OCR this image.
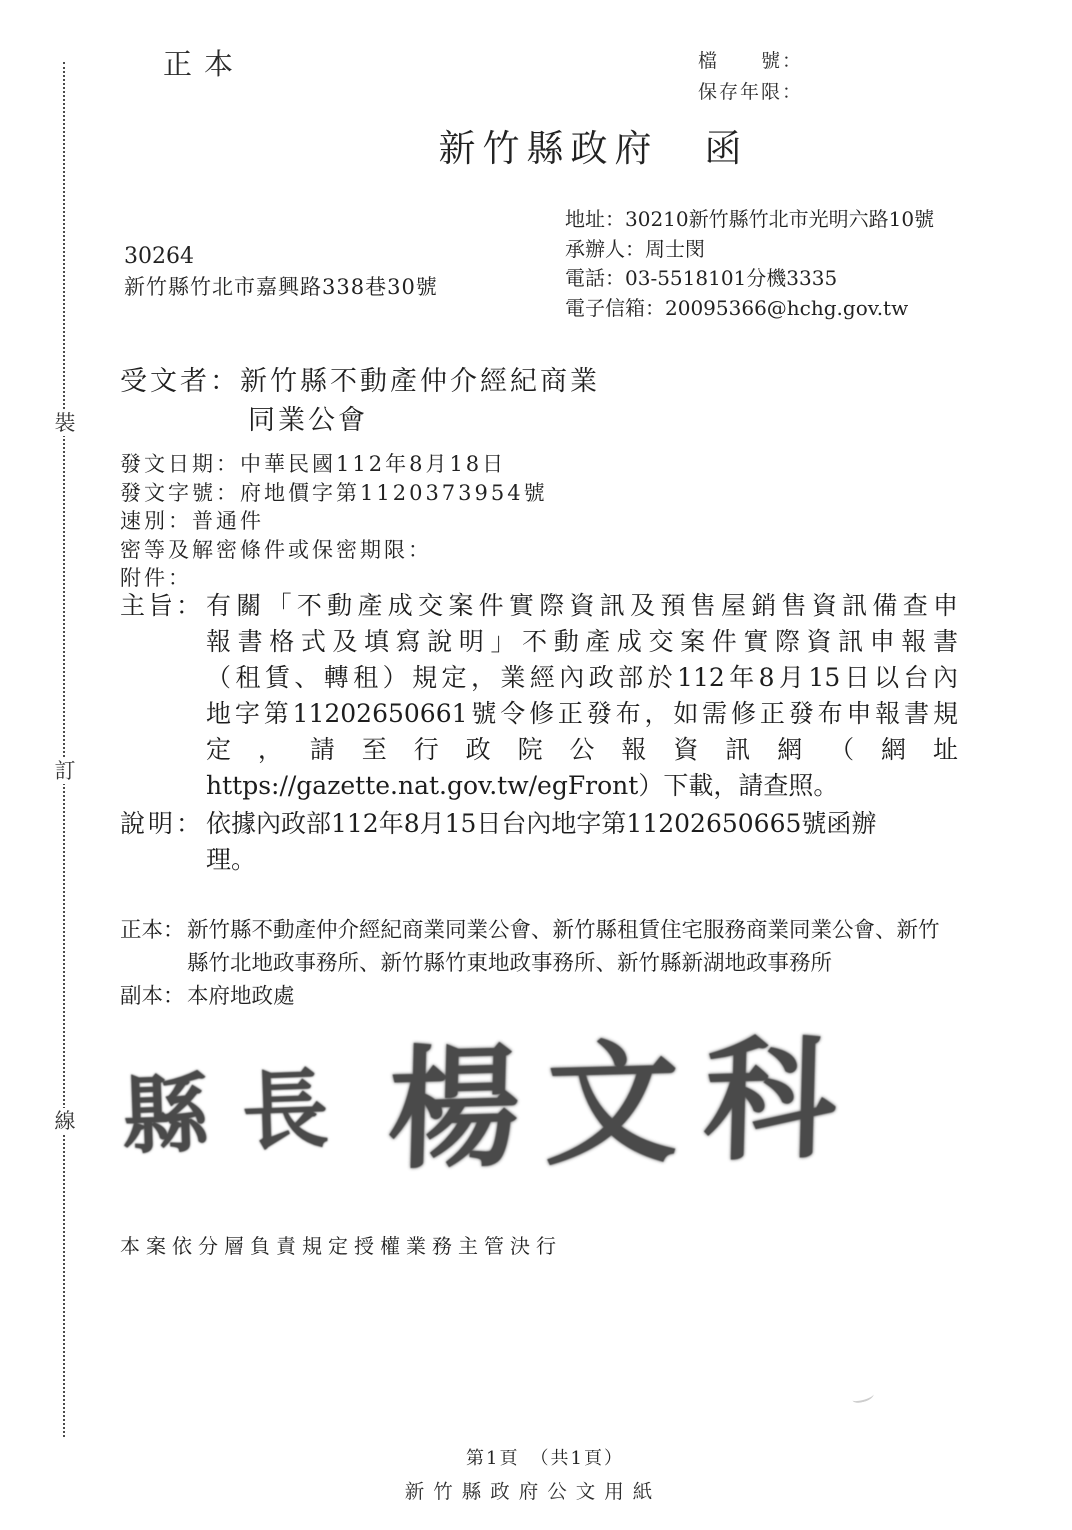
裝
訂
線
正本	檔　　號：
保存年限：
新竹縣政府 函
地址：30210新竹縣竹北市光明六路10號
承辦人：周士閔
電話：03-5518101分機3335
電子信箱：20095366@hchg.gov.tw
30264
新竹縣竹北市嘉興路338巷30號
受文者：新竹縣不動產仲介經紀商業
同業公會
發文日期：中華民國112年8月18日
發文字號：府地價字第1120373954號
速別：普通件
密等及解密條件或保密期限：
附件：
主旨： 有關「不動產成交案件實際資訊及預售屋銷售資訊備查申
報書格式及填寫說明」不動產成交案件實際資訊申報書
（租賃、轉租）規定，業經內政部於112年8月15日以台內
地字第11202650661號令修正發布，如需修正發布申報書規
定，請至行政院公報資訊網（網址
https://gazette.nat.gov.tw/egFront）下載，請查照。
說明： 依據內政部112年8月15日台內地字第11202650665號函辦
理。
正本： 新竹縣不動產仲介經紀商業同業公會、新竹縣租賃住宅服務商業同業公會、新竹
縣竹北地政事務所、新竹縣竹東地政事務所、新竹縣新湖地政事務所
副本： 本府地政處
縣長 楊文科
本案依分層負責規定授權業務主管決行
第1頁　（共1頁）
新竹縣政府公文用紙
